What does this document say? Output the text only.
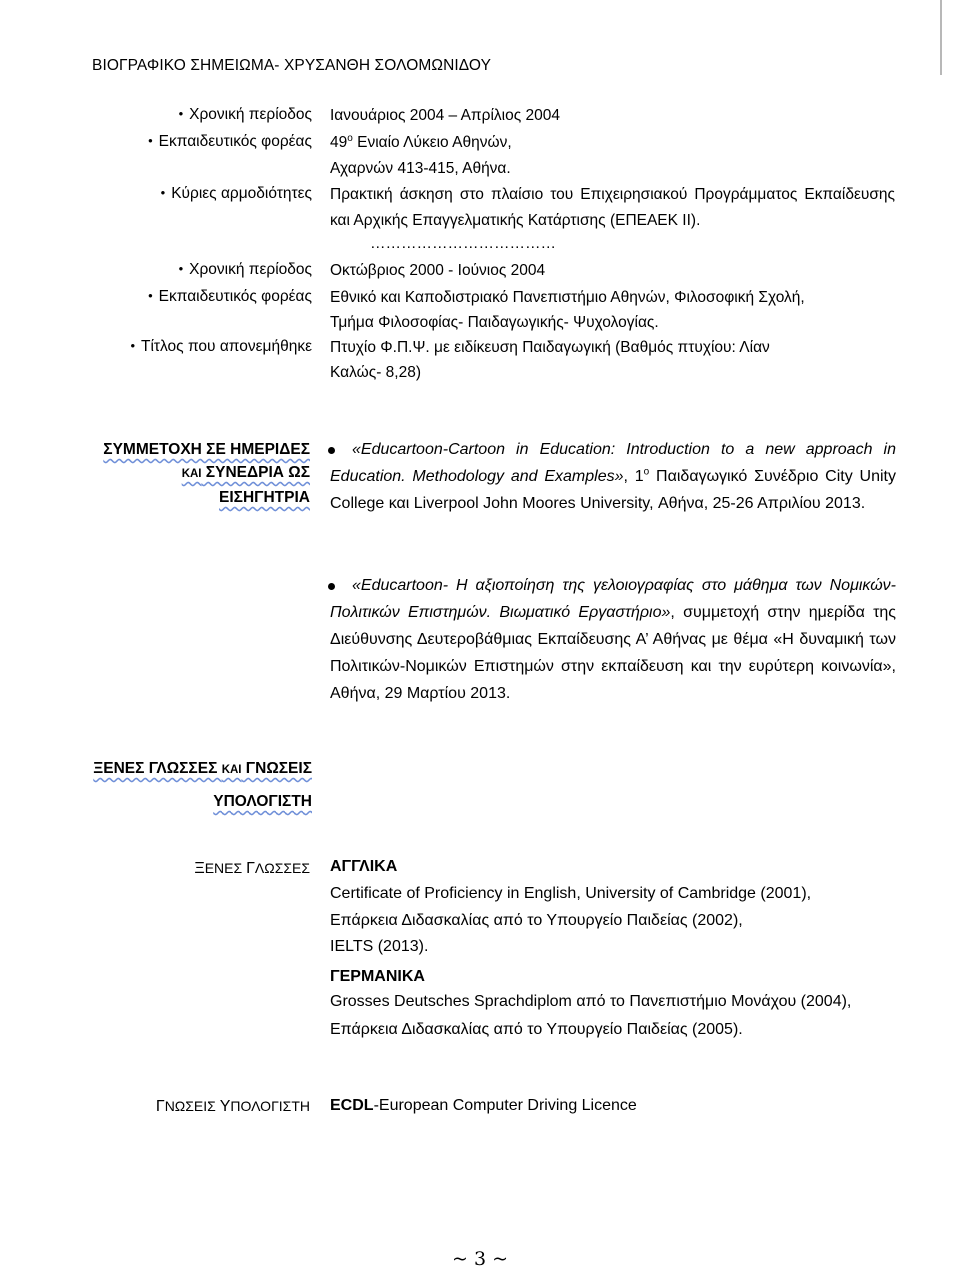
ΒΙΟΓΡΑΦΙΚΟ ΣΗΜΕΙΩΜΑ- ΧΡΥΣΑΝΘΗ ΣΟΛΟΜΩΝΙΔΟΥ
• Χρονική περίοδος Ιανουάριος 2004 – Απρίλιος 2004
• Εκπαιδευτικός φορέας $49^o$ Ενιαίο Λύκειο Αθηνών,
Αχαρνών 413-415, Αθήνα.
• Κύριες αρμοδιότητες Πρακτική άσκηση στο πλαίσιο του Επιχειρησιακού Προγράμματος Εκπαίδευσης και Αρχικής Επαγγελματικής Κατάρτισης (ΕΠΕΑΕΚ ΙΙ).
………………………………
• Χρονική περίοδος Οκτώβριος 2000 - Ιούνιος 2004
• Εκπαιδευτικός φορέας Εθνικό και Καποδιστριακό Πανεπιστήμιο Αθηνών, Φιλοσοφική Σχολή,
Τμήμα Φιλοσοφίας- Παιδαγωγικής- Ψυχολογίας.
• Τίτλος που απονεμήθηκε Πτυχίο Φ.Π.Ψ. με ειδίκευση Παιδαγωγική (Βαθμός πτυχίου: Λίαν
Καλώς- 8,28)
ΣΥΜΜΕΤΟΧΗ ΣΕ ΗΜΕΡΙΔΕΣ
ΚΑΙ ΣΥΝΕΔΡΙΑ ΩΣ
ΕΙΣΗΓΗΤΡΙΑ
«Educartoon-Cartoon in Education: Introduction to a new approach in Education. Methodology and Examples», $1^o$ Παιδαγωγικό Συνέδριο City Unity College και Liverpool John Moores University, Αθήνα, 25-26 Απριλίου 2013.
«Educartoon- Η αξιοποίηση της γελοιογραφίας στο μάθημα των Νομικών-Πολιτικών Επιστημών. Βιωματικό Εργαστήριο», συμμετοχή στην ημερίδα της Διεύθυνσης Δευτεροβάθμιας Εκπαίδευσης Α’ Αθήνας με θέμα «Η δυναμική των Πολιτικών-Νομικών Επιστημών στην εκπαίδευση και την ευρύτερη κοινωνία», Αθήνα, 29 Μαρτίου 2013.
ΞΕΝΕΣ ΓΛΩΣΣΕΣ ΚΑΙ ΓΝΩΣΕΙΣ
ΥΠΟΛΟΓΙΣΤΗ
ΞΕΝΕΣ ΓΛΩΣΣΕΣ ΑΓΓΛΙΚΑ
Certificate of Proficiency in English, University of Cambridge (2001),
Επάρκεια Διδασκαλίας από το Υπουργείο Παιδείας (2002),
IELTS (2013).
ΓΕΡΜΑΝΙΚΑ
Grosses Deutsches Sprachdiplom από το Πανεπιστήμιο Μονάχου (2004),
Επάρκεια Διδασκαλίας από το Υπουργείο Παιδείας (2005).
ΓΝΩΣΕΙΣ ΥΠΟΛΟΓΙΣΤΗ ECDL-European Computer Driving Licence
~ 3 ~
